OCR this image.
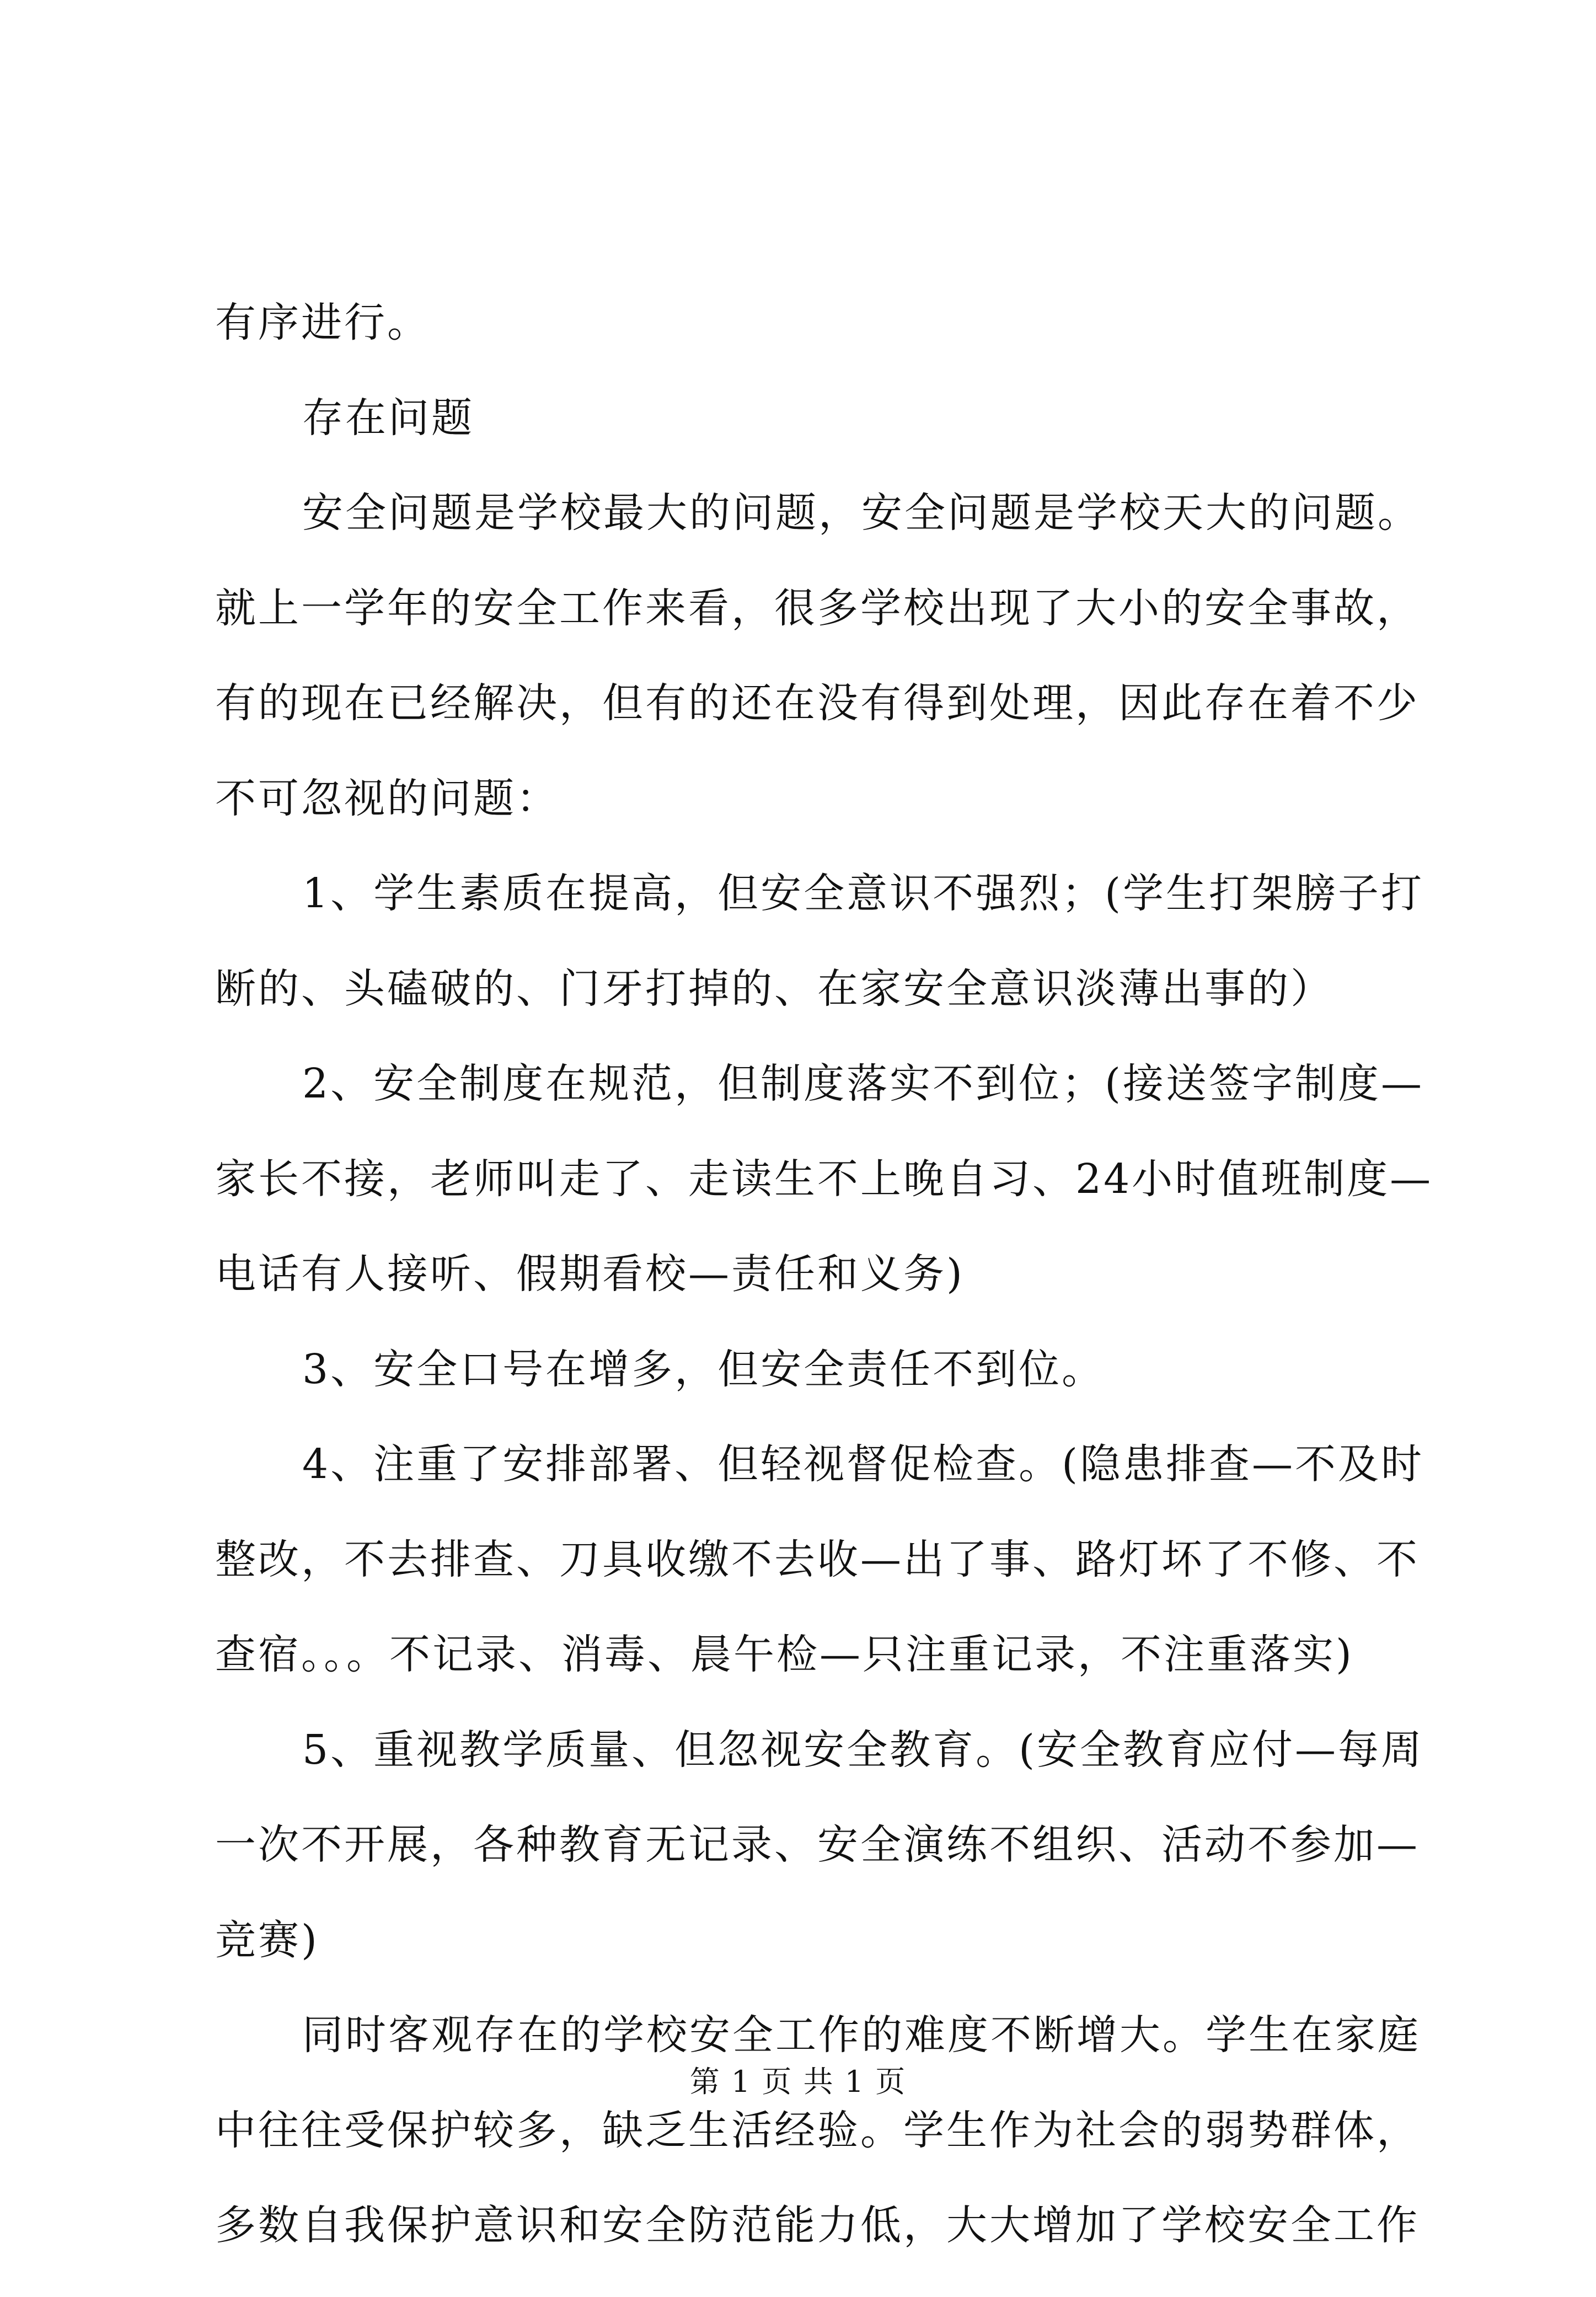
有序进行。
存在问题
安全问题是学校最大的问题，安全问题是学校天大的问题。
就上一学年的安全工作来看，很多学校出现了大小的安全事故，
有的现在已经解决，但有的还在没有得到处理，因此存在着不少
不可忽视的问题：
1、学生素质在提高，但安全意识不强烈；(学生打架膀子打
断的、头磕破的、门牙打掉的、在家安全意识淡薄出事的）
2、安全制度在规范，但制度落实不到位；(接送签字制度—
家长不接，老师叫走了、走读生不上晚自习、24小时值班制度—
电话有人接听、假期看校—责任和义务)
3、安全口号在增多，但安全责任不到位。
4、注重了安排部署、但轻视督促检查。(隐患排查—不及时
整改，不去排查、刀具收缴不去收—出了事、路灯坏了不修、不
查宿。。。不记录、消毒、晨午检—只注重记录，不注重落实)
5、重视教学质量、但忽视安全教育。(安全教育应付—每周
一次不开展，各种教育无记录、安全演练不组织、活动不参加—
竞赛)
同时客观存在的学校安全工作的难度不断增大。学生在家庭
中往往受保护较多，缺乏生活经验。学生作为社会的弱势群体，
多数自我保护意识和安全防范能力低，大大增加了学校安全工作
第 1 页 共 1 页
